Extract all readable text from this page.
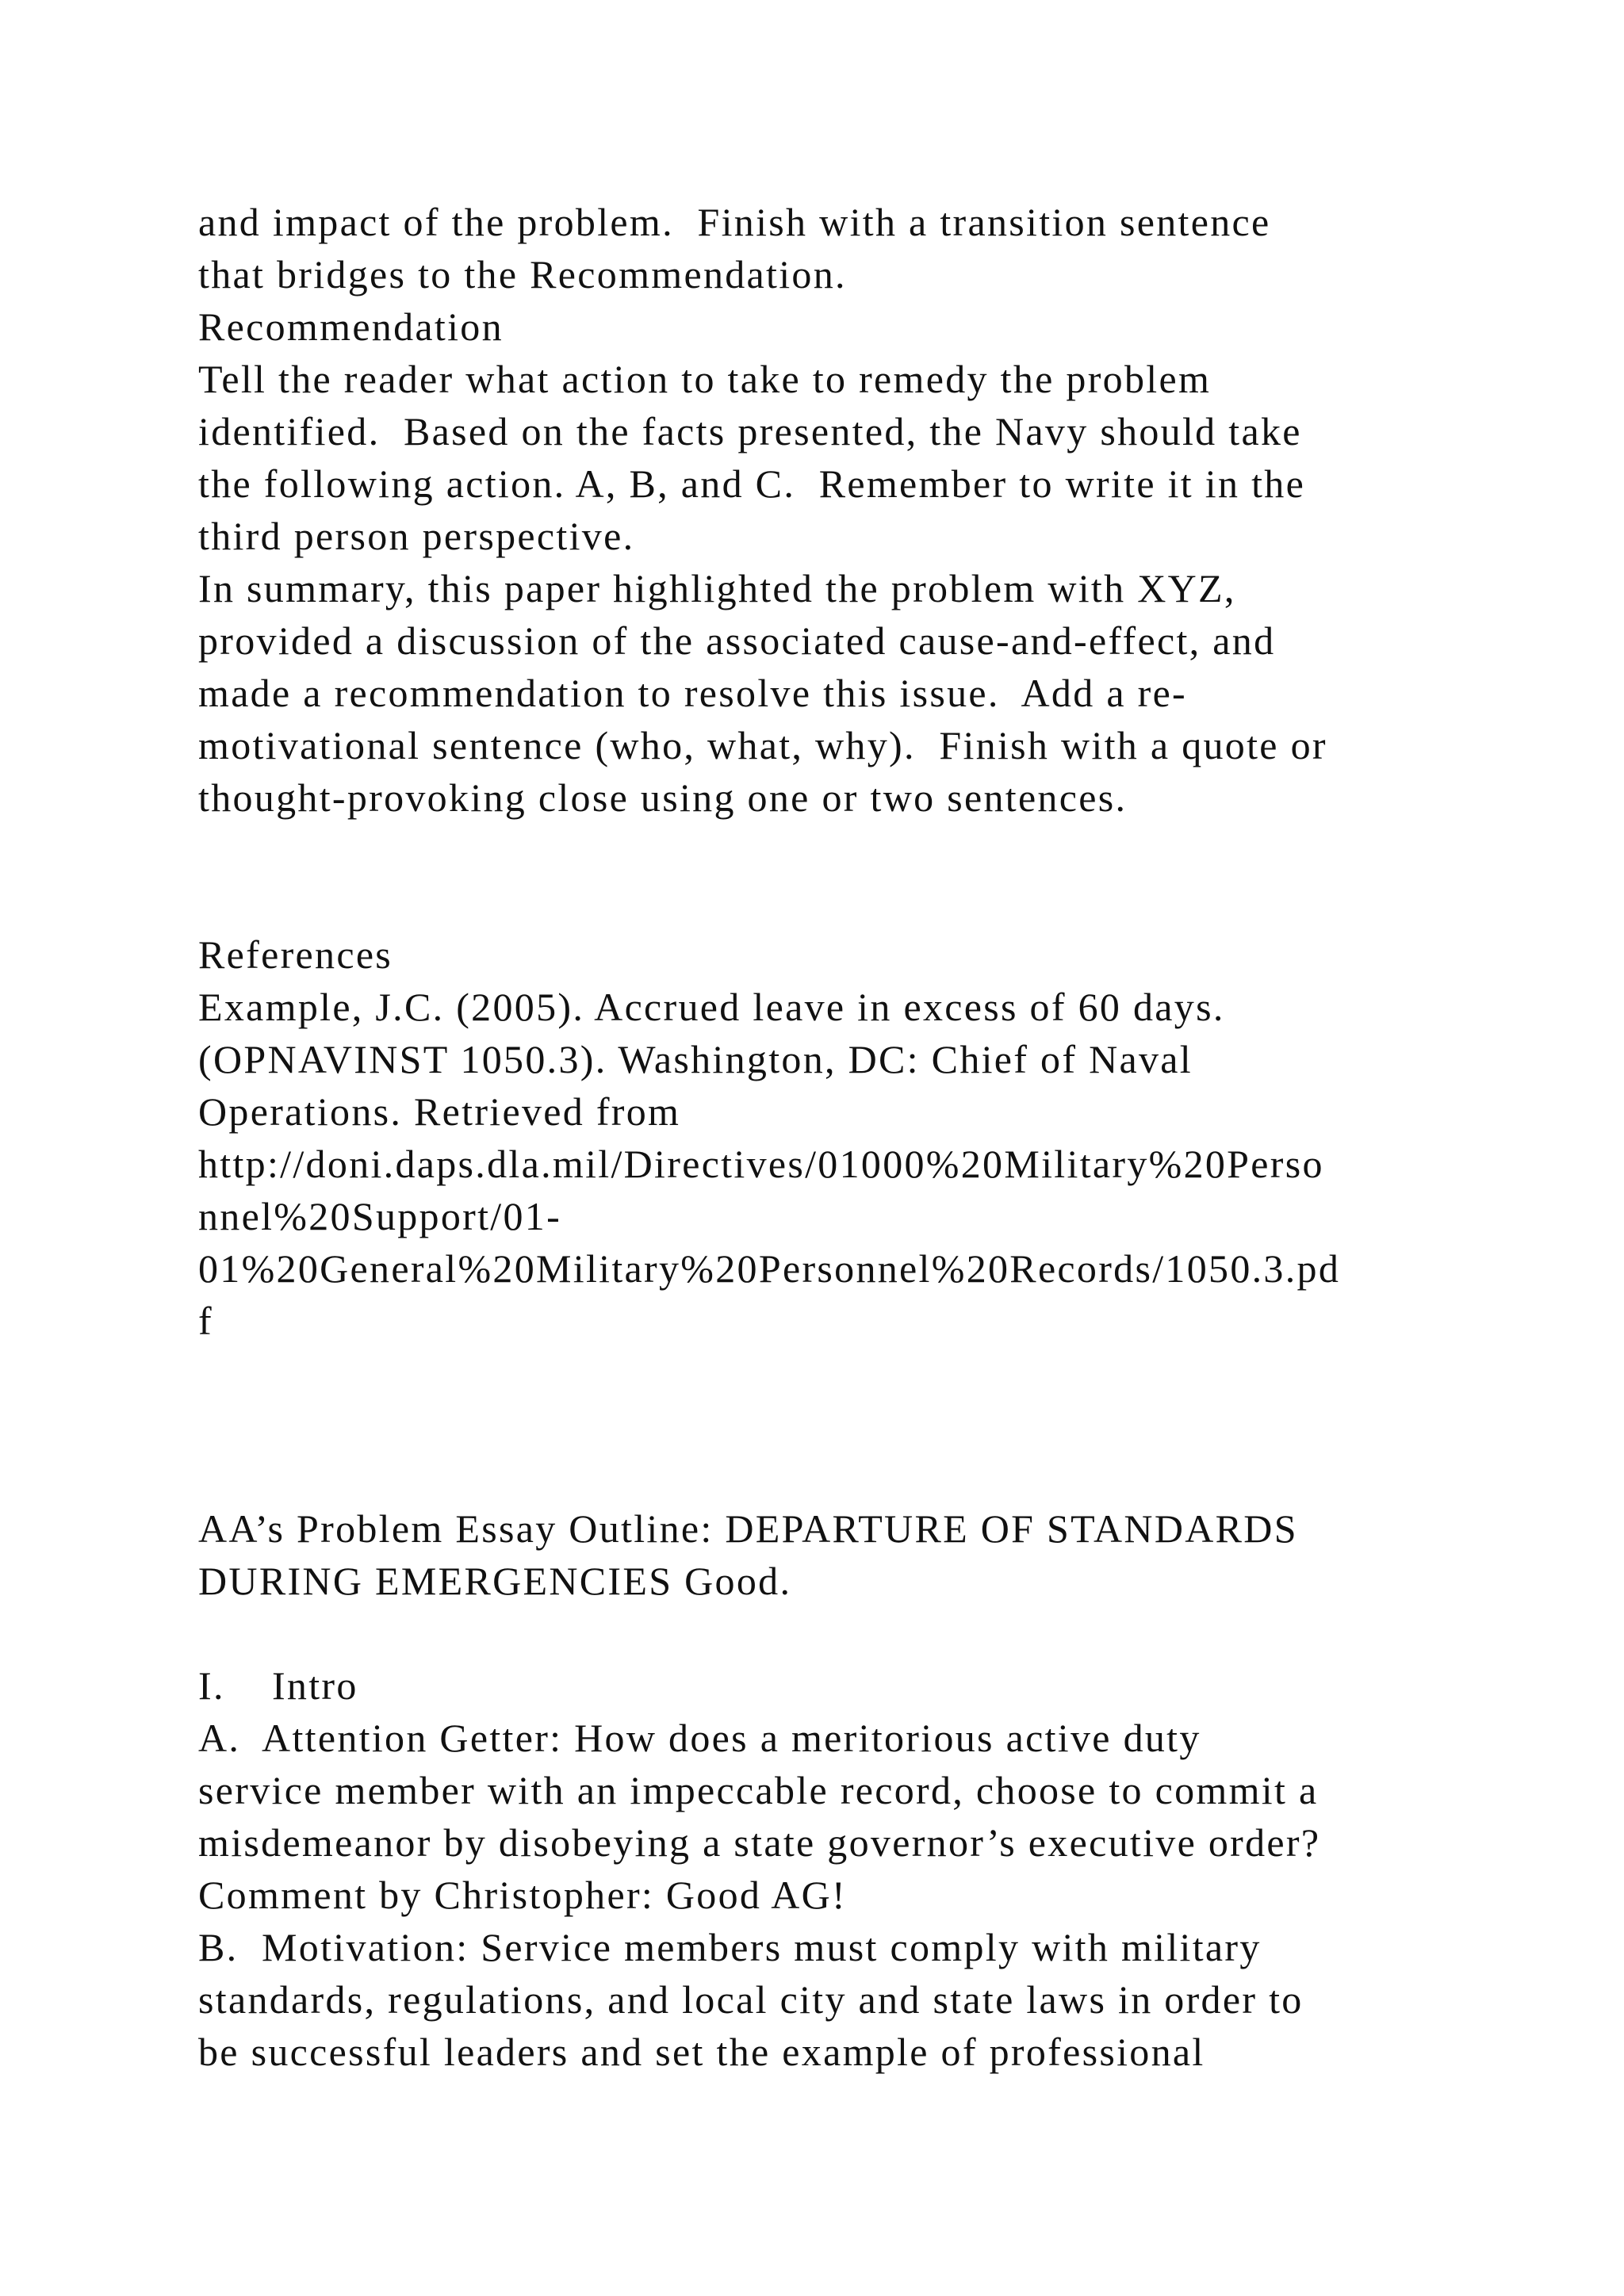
and impact of the problem.  Finish with a transition sentence
that bridges to the Recommendation.
Recommendation
Tell the reader what action to take to remedy the problem
identified.  Based on the facts presented, the Navy should take
the following action. A, B, and C.  Remember to write it in the
third person perspective.
In summary, this paper highlighted the problem with XYZ,
provided a discussion of the associated cause-and-effect, and
made a recommendation to resolve this issue.  Add a re-
motivational sentence (who, what, why).  Finish with a quote or
thought-provoking close using one or two sentences.
References
Example, J.C. (2005). Accrued leave in excess of 60 days.
(OPNAVINST 1050.3). Washington, DC: Chief of Naval
Operations. Retrieved from
http://doni.daps.dla.mil/Directives/01000%20Military%20Perso
nnel%20Support/01-
01%20General%20Military%20Personnel%20Records/1050.3.pd
f
AA’s Problem Essay Outline: DEPARTURE OF STANDARDS
DURING EMERGENCIES Good.
I.    Intro
A.  Attention Getter: How does a meritorious active duty
service member with an impeccable record, choose to commit a
misdemeanor by disobeying a state governor’s executive order?
Comment by Christopher: Good AG!
B.  Motivation: Service members must comply with military
standards, regulations, and local city and state laws in order to
be successful leaders and set the example of professional
